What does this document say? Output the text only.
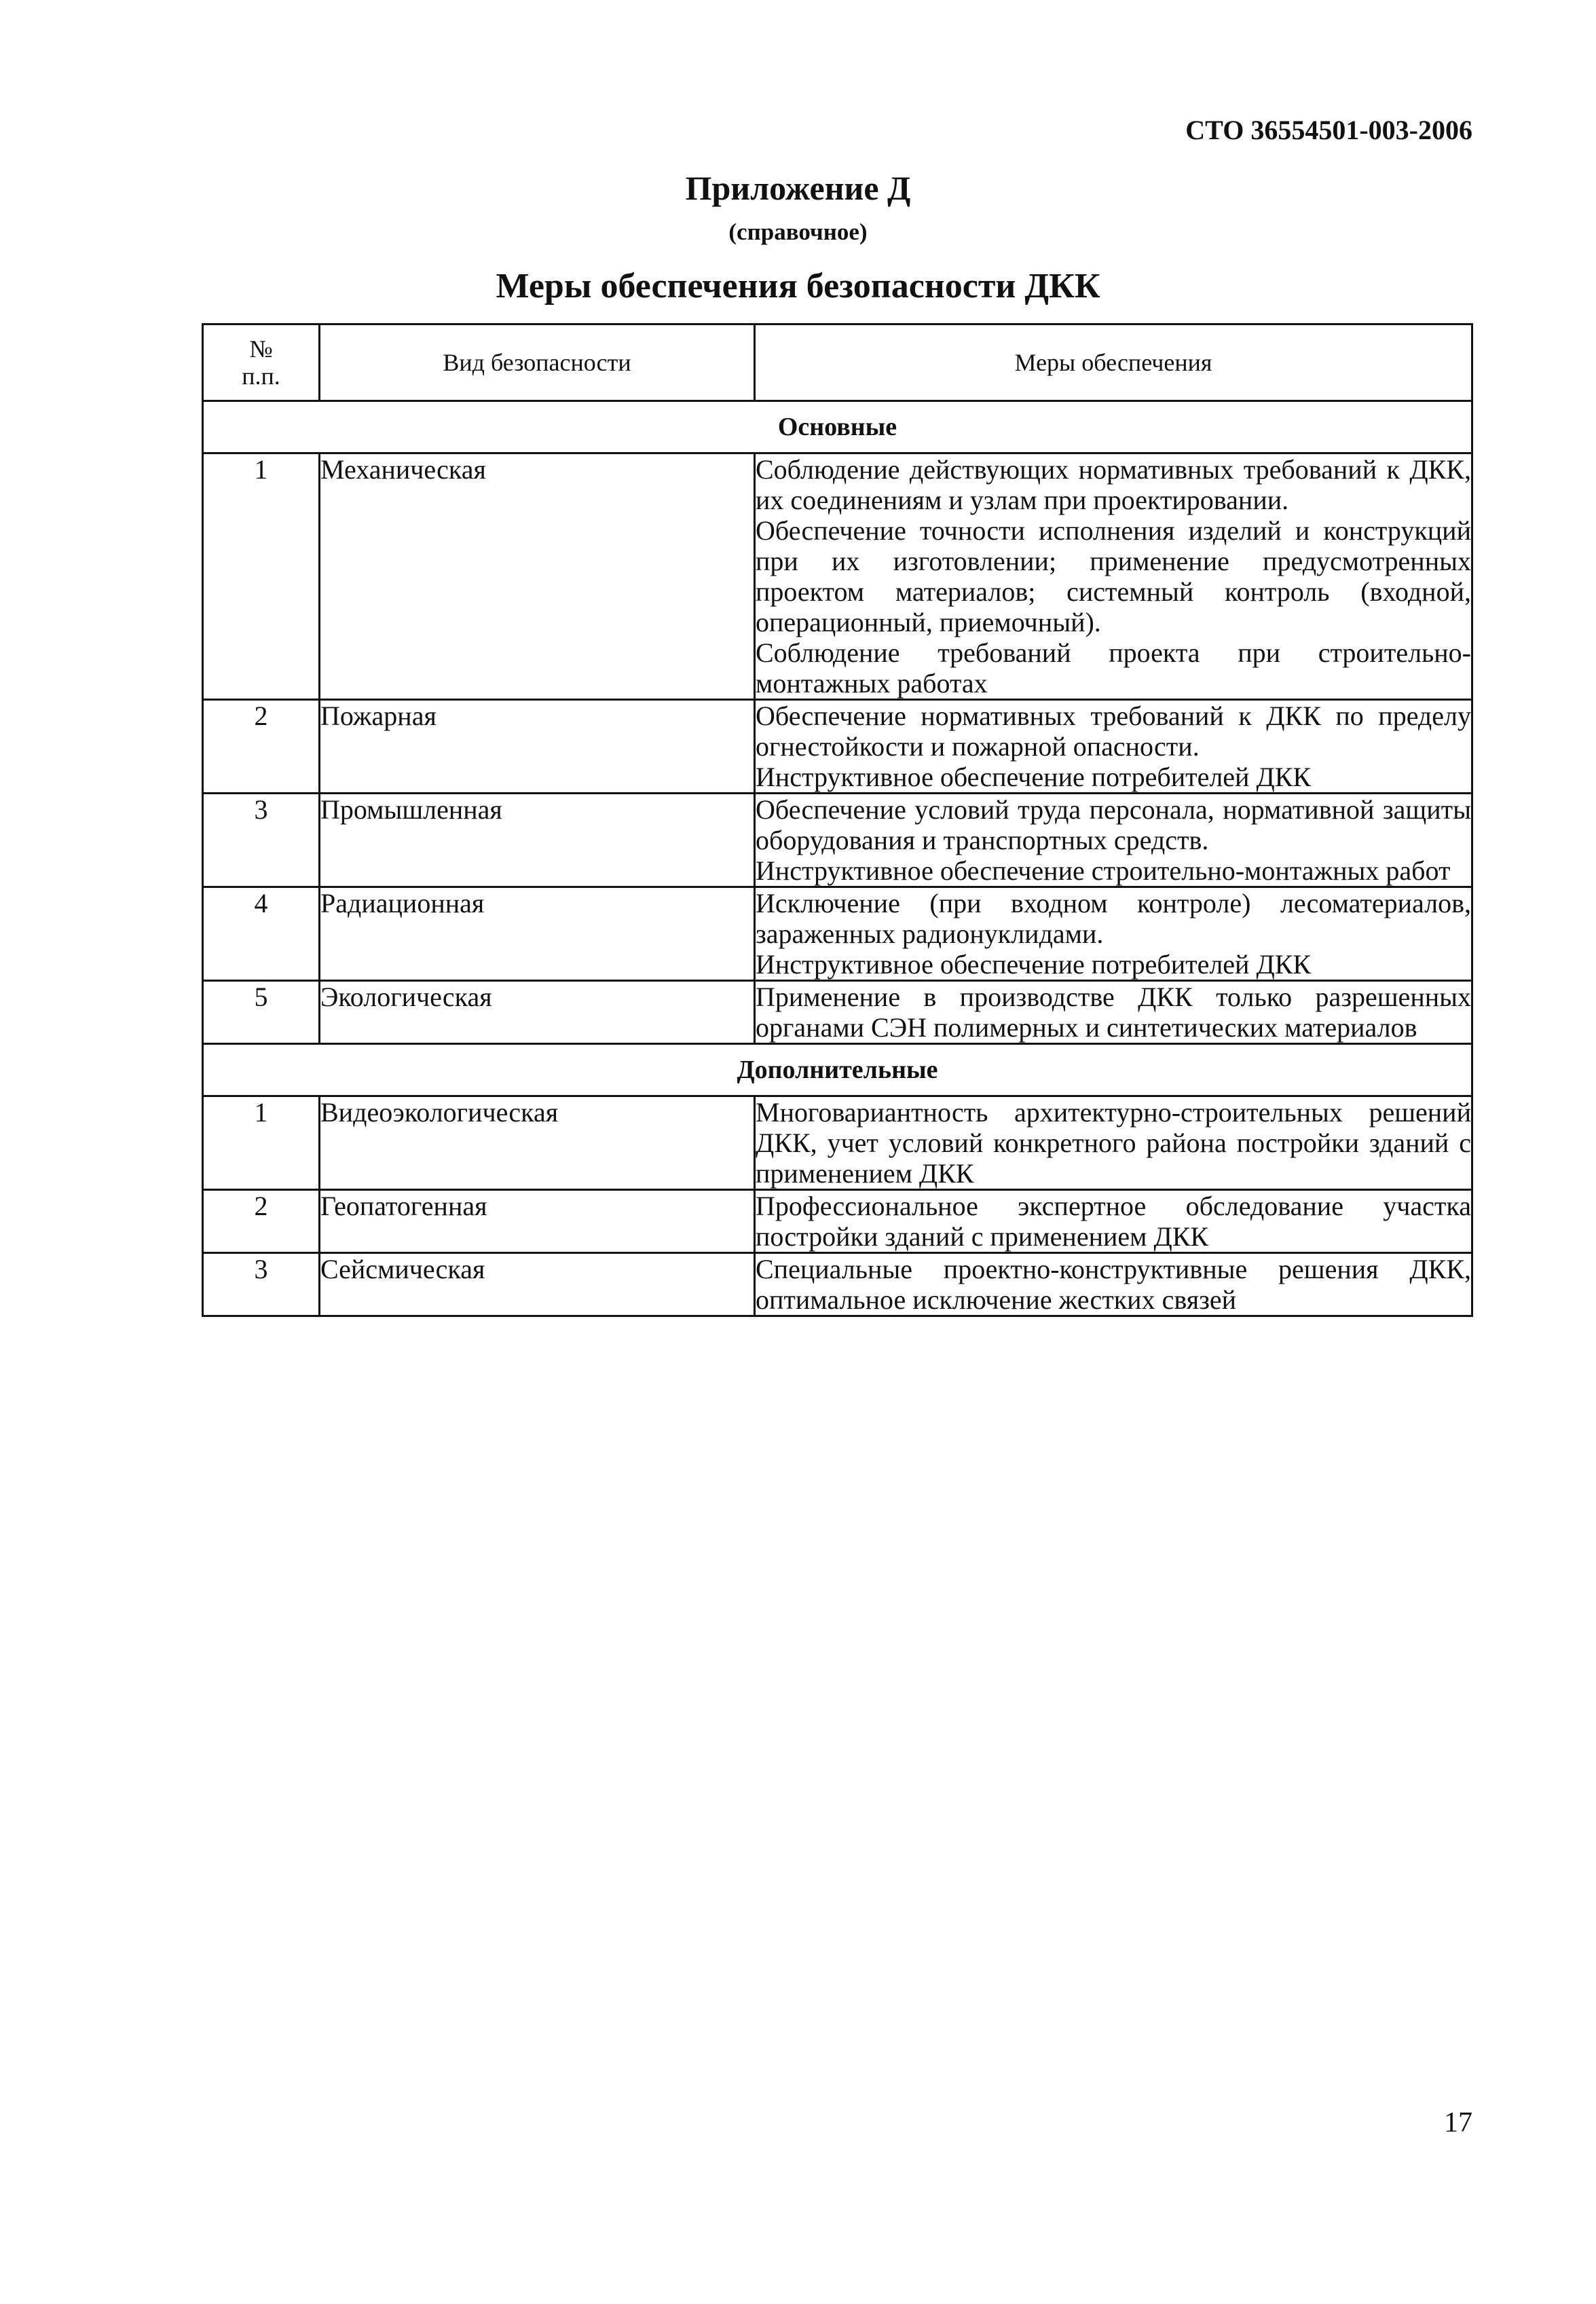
СТО 36554501-003-2006
Приложение Д
(справочное)
Меры обеспечения безопасности ДКК
№
п.п.	Вид безопасности	Меры обеспечения
Основные		
1	Механическая	Соблюдение действующих нормативных требований к ДКК, их соединениям и узлам при проектировании.

Обеспечение точности исполнения изделий и конструкций при их изготовлении; применение предусмотренных проектом материалов; системный контроль (входной, операционный, приемочный).

Соблюдение требований проекта при строительно-монтажных работах

2	Пожарная	Обеспечение нормативных требований к ДКК по пределу огнестойкости и пожарной опасности.

Инструктивное обеспечение потребителей ДКК

3	Промышленная	Обеспечение условий труда персонала, нормативной защиты оборудования и транспортных средств.

Инструктивное обеспечение строительно-монтажных работ

4	Радиационная	Исключение (при входном контроле) лесоматериалов, зараженных радионуклидами.

Инструктивное обеспечение потребителей ДКК

5	Экологическая	Применение в производстве ДКК только разрешенных органами СЭН полимерных и синтетических материалов

Дополнительные		
1	Видеоэкологическая	Многовариантность архитектурно-строительных решений ДКК, учет условий конкретного района постройки зданий с применением ДКК

2	Геопатогенная	Профессиональное экспертное обследование участка постройки зданий с применением ДКК

3	Сейсмическая	Специальные проектно-конструктивные решения ДКК, оптимальное исключение жестких связей

17
